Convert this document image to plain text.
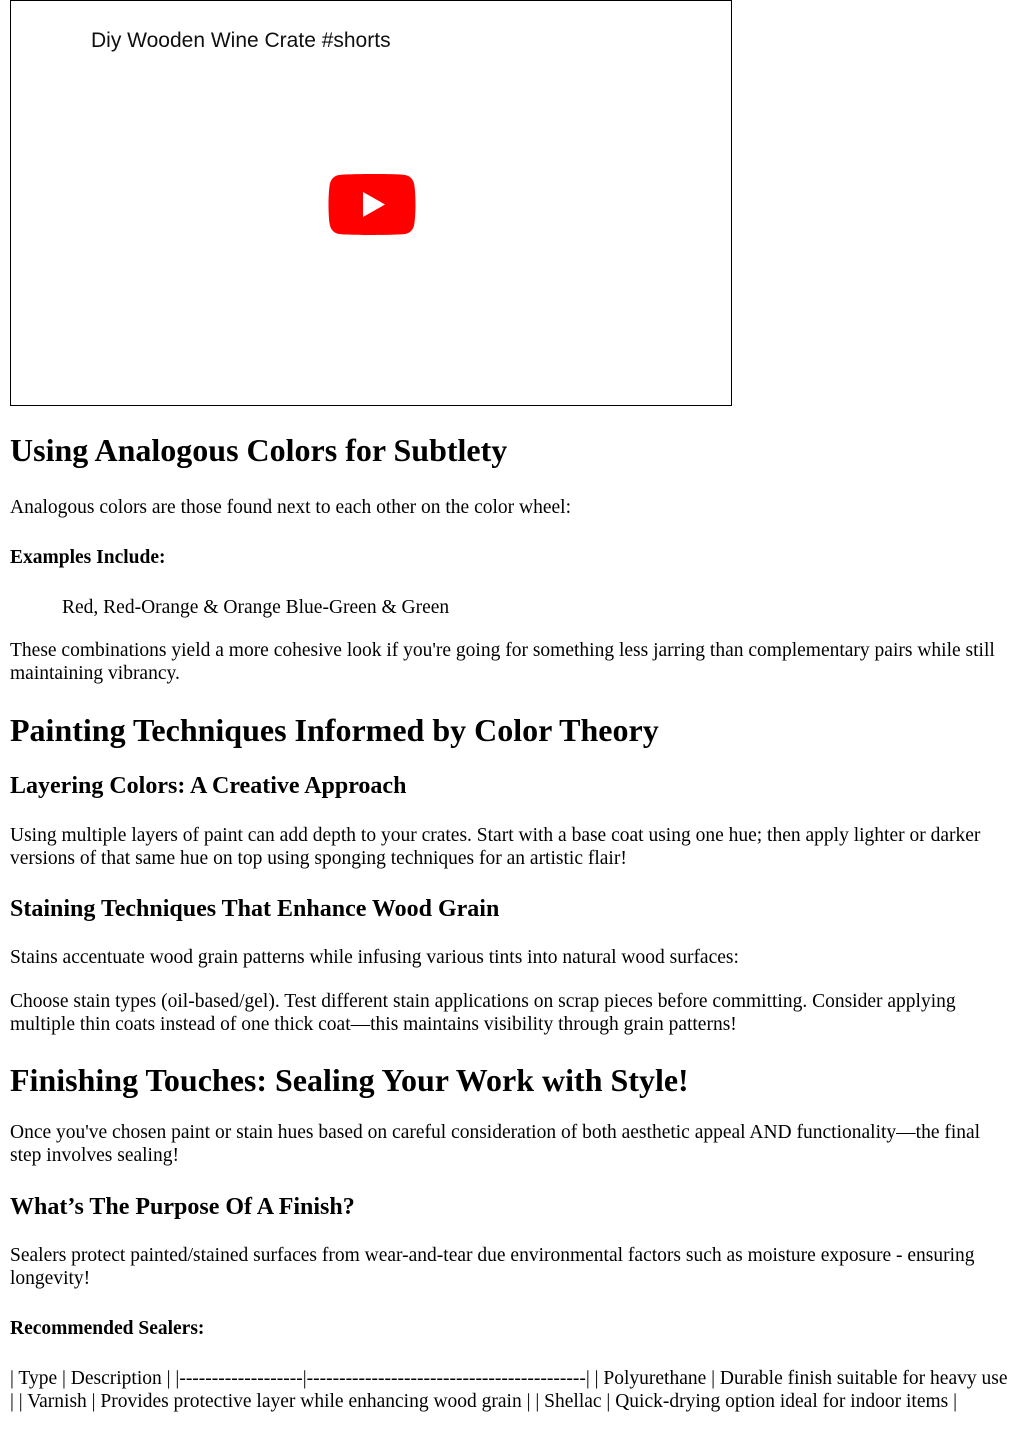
Diy Wooden Wine Crate #shorts
Using Analogous Colors for Subtlety

Analogous colors are those found next to each other on the color wheel:

Examples Include:

Red, Red-Orange & Orange Blue-Green & Green

These combinations yield a more cohesive look if you're going for something less jarring than complementary pairs while still maintaining vibrancy.

Painting Techniques Informed by Color Theory
Layering Colors: A Creative Approach

Using multiple layers of paint can add depth to your crates. Start with a base coat using one hue; then apply lighter or darker versions of that same hue on top using sponging techniques for an artistic flair!

Staining Techniques That Enhance Wood Grain

Stains accentuate wood grain patterns while infusing various tints into natural wood surfaces:

Choose stain types (oil-based/gel). Test different stain applications on scrap pieces before committing. Consider applying multiple thin coats instead of one thick coat—this maintains visibility through grain patterns!

Finishing Touches: Sealing Your Work with Style!

Once you've chosen paint or stain hues based on careful consideration of both aesthetic appeal AND functionality—the final step involves sealing!

What’s The Purpose Of A Finish?

Sealers protect painted/stained surfaces from wear-and-tear due environmental factors such as moisture exposure - ensuring longevity!

Recommended Sealers:

| Type | Description | |-------------------|-------------------------------------------| | Polyurethane | Durable finish suitable for heavy use | | Varnish | Provides protective layer while enhancing wood grain | | Shellac | Quick-drying option ideal for indoor items |
